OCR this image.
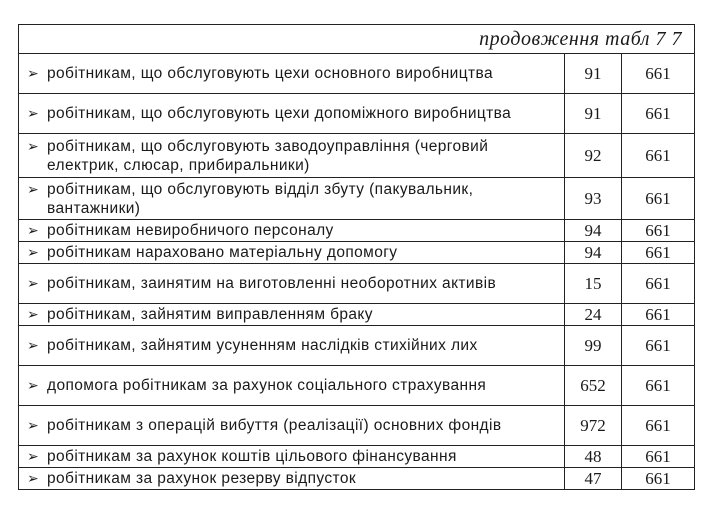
продовження табл 7 7		

➢ робітникам, що обслуговують цехи основного виробництва	91	661

➢ робітникам, що обслуговують цехи допоміжного виробництва	91	661

➢ робітникам, що обслуговують заводоуправління (черговий електрик, слюсар, прибиральники)	92	661

➢ робітникам, що обслуговують відділ збуту (пакувальник, вантажники)	93	661

➢ робітникам невиробничого персоналу	94	661

➢ робітникам нараховано матеріальну допомогу	94	661

➢ робітникам, заинятим на виготовленні необоротних активів	15	661

➢ робітникам, зайнятим виправленням браку	24	661

➢ робітникам, зайнятим усуненням наслідків стихійних лих	99	661

➢ допомога робітникам за рахунок соціального страхування	652	661

➢ робітникам з операцій вибуття (реалізації) основних фондів	972	661

➢ робітникам за рахунок коштів цільового фінансування	48	661

➢ робітникам за рахунок резерву відпусток	47	661
